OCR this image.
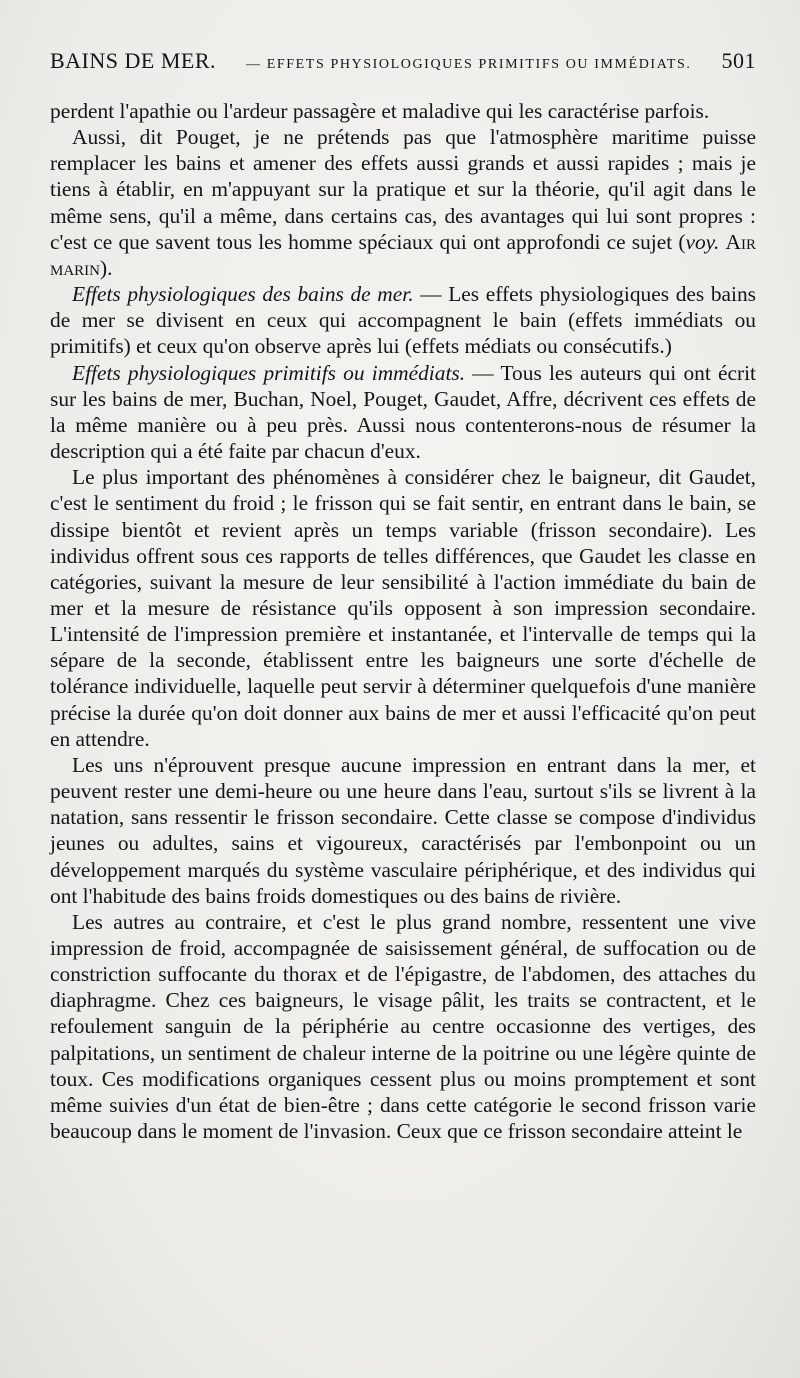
BAINS DE MER. — EFFETS PHYSIOLOGIQUES PRIMITIFS OU IMMÉDIATS. 501

perdent l'apathie ou l'ardeur passagère et maladive qui les caractérise parfois.

Aussi, dit Pouget, je ne prétends pas que l'atmosphère maritime puisse remplacer les bains et amener des effets aussi grands et aussi rapides ; mais je tiens à établir, en m'appuyant sur la pratique et sur la théorie, qu'il agit dans le même sens, qu'il a même, dans certains cas, des avantages qui lui sont propres : c'est ce que savent tous les homme spéciaux qui ont approfondi ce sujet (voy. Air marin).

Effets physiologiques des bains de mer. — Les effets physiologiques des bains de mer se divisent en ceux qui accompagnent le bain (effets immédiats ou primitifs) et ceux qu'on observe après lui (effets médiats ou consécutifs.)

Effets physiologiques primitifs ou immédiats. — Tous les auteurs qui ont écrit sur les bains de mer, Buchan, Noel, Pouget, Gaudet, Affre, décrivent ces effets de la même manière ou à peu près. Aussi nous contenterons-nous de résumer la description qui a été faite par chacun d'eux.

Le plus important des phénomènes à considérer chez le baigneur, dit Gaudet, c'est le sentiment du froid ; le frisson qui se fait sentir, en entrant dans le bain, se dissipe bientôt et revient après un temps variable (frisson secondaire). Les individus offrent sous ces rapports de telles différences, que Gaudet les classe en catégories, suivant la mesure de leur sensibilité à l'action immédiate du bain de mer et la mesure de résistance qu'ils opposent à son impression secondaire. L'intensité de l'impression première et instantanée, et l'intervalle de temps qui la sépare de la seconde, établissent entre les baigneurs une sorte d'échelle de tolérance individuelle, laquelle peut servir à déterminer quelquefois d'une manière précise la durée qu'on doit donner aux bains de mer et aussi l'efficacité qu'on peut en attendre.

Les uns n'éprouvent presque aucune impression en entrant dans la mer, et peuvent rester une demi-heure ou une heure dans l'eau, surtout s'ils se livrent à la natation, sans ressentir le frisson secondaire. Cette classe se compose d'individus jeunes ou adultes, sains et vigoureux, caractérisés par l'embonpoint ou un développement marqués du système vasculaire périphérique, et des individus qui ont l'habitude des bains froids domestiques ou des bains de rivière.

Les autres au contraire, et c'est le plus grand nombre, ressentent une vive impression de froid, accompagnée de saisissement général, de suffocation ou de constriction suffocante du thorax et de l'épigastre, de l'abdomen, des attaches du diaphragme. Chez ces baigneurs, le visage pâlit, les traits se contractent, et le refoulement sanguin de la périphérie au centre occasionne des vertiges, des palpitations, un sentiment de chaleur interne de la poitrine ou une légère quinte de toux. Ces modifications organiques cessent plus ou moins promptement et sont même suivies d'un état de bien-être ; dans cette catégorie le second frisson varie beaucoup dans le moment de l'invasion. Ceux que ce frisson secondaire atteint le
